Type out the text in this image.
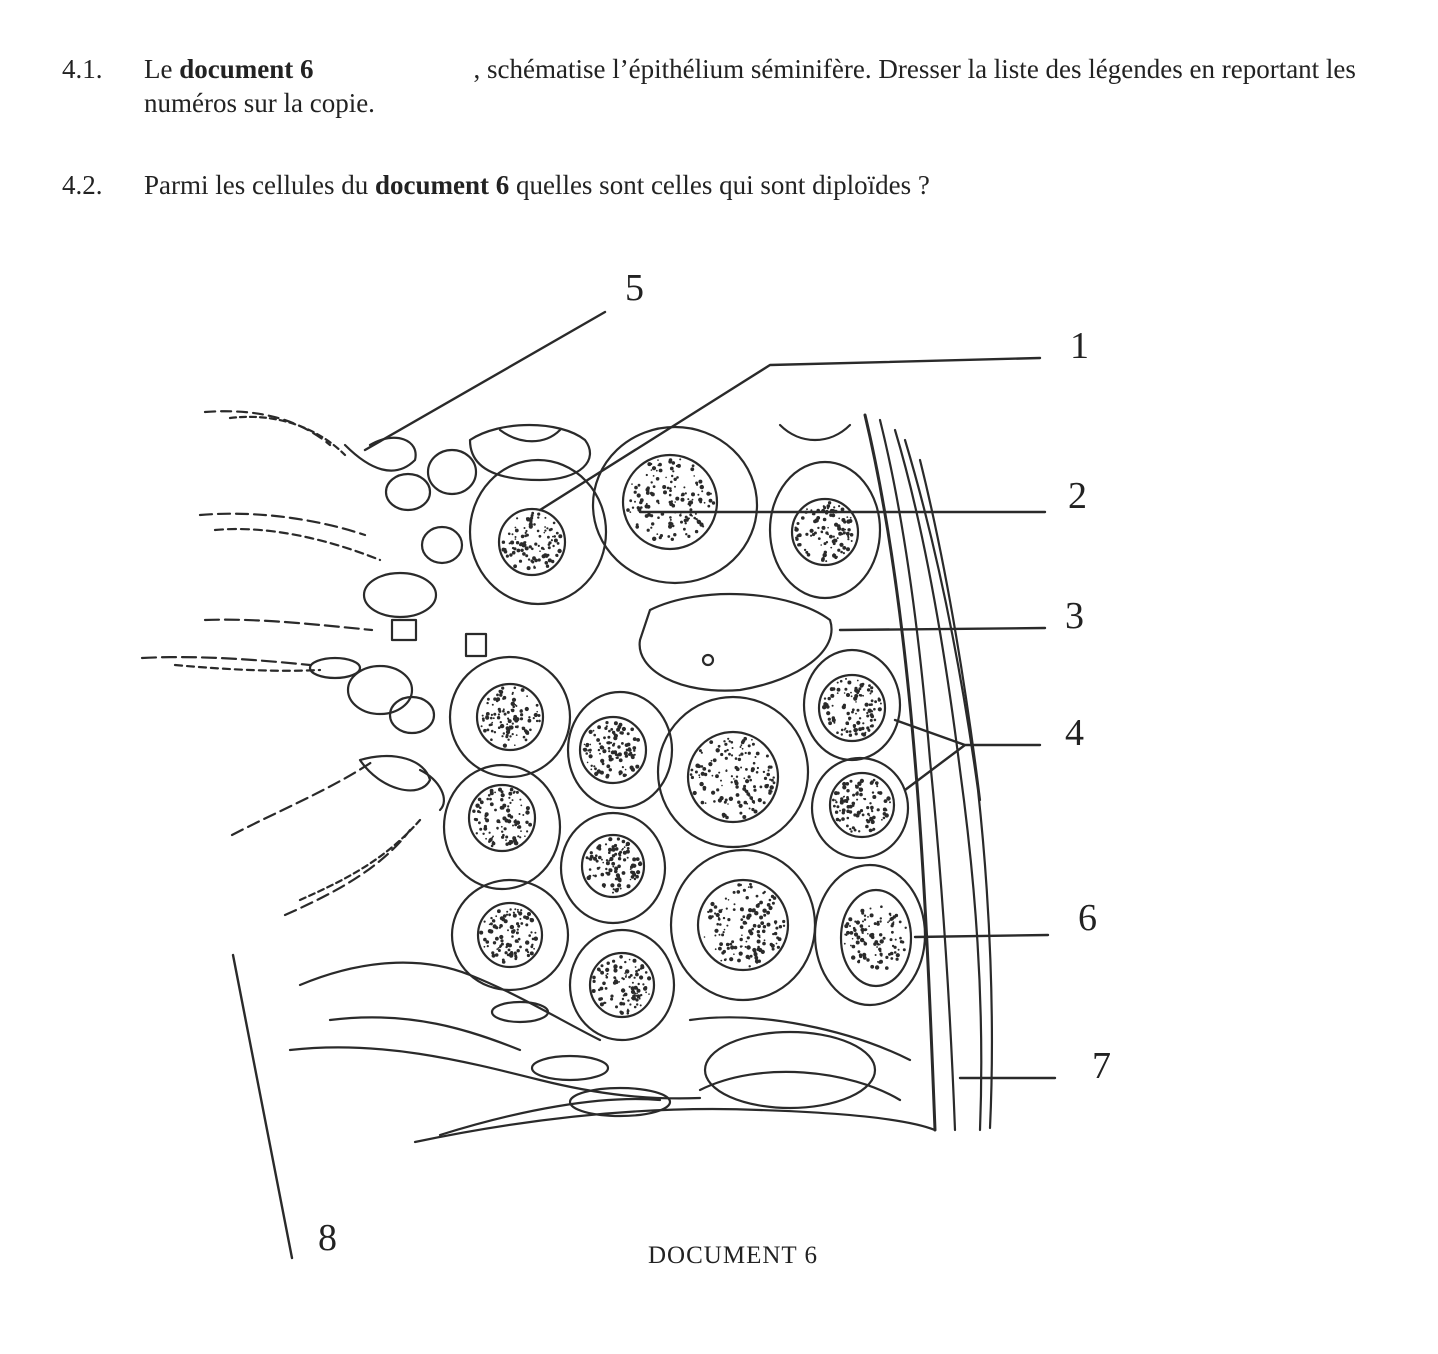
4.1.	Le document 6	, schématise l’épithélium séminifère. Dresser la liste des légendes en reportant les numéros sur la copie.
4.2.	Parmi les cellules du document 6 quelles sont celles qui sont diploïdes ?
5
1
2
3
4
6
7
8	DOCUMENT 6
